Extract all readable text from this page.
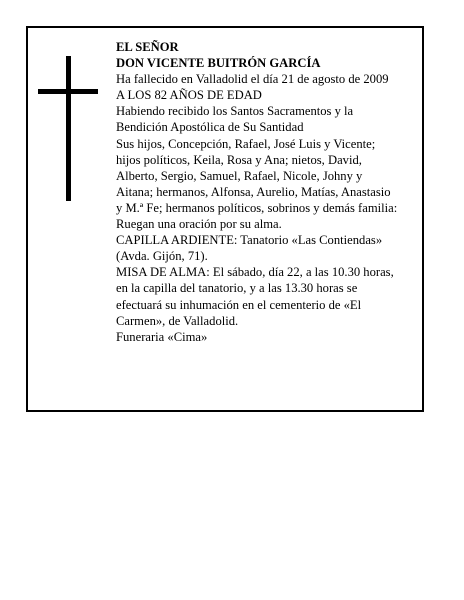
EL SEÑOR
DON VICENTE BUITRÓN GARCÍA
Ha fallecido en Valladolid el día 21 de agosto de 2009
A LOS 82 AÑOS DE EDAD
Habiendo recibido los Santos Sacramentos y la
Bendición Apostólica de Su Santidad
Sus hijos, Concepción, Rafael, José Luis y Vicente;
hijos políticos, Keila, Rosa y Ana; nietos, David,
Alberto, Sergio, Samuel, Rafael, Nicole, Johny y
Aitana; hermanos, Alfonsa, Aurelio, Matías, Anastasio
y M.ª Fe; hermanos políticos, sobrinos y demás familia:
Ruegan una oración por su alma.
CAPILLA ARDIENTE: Tanatorio «Las Contiendas»
(Avda. Gijón, 71).
MISA DE ALMA: El sábado, día 22, a las 10.30 horas,
en la capilla del tanatorio, y a las 13.30 horas se
efectuará su inhumación en el cementerio de «El
Carmen», de Valladolid.
Funeraria «Cima»
